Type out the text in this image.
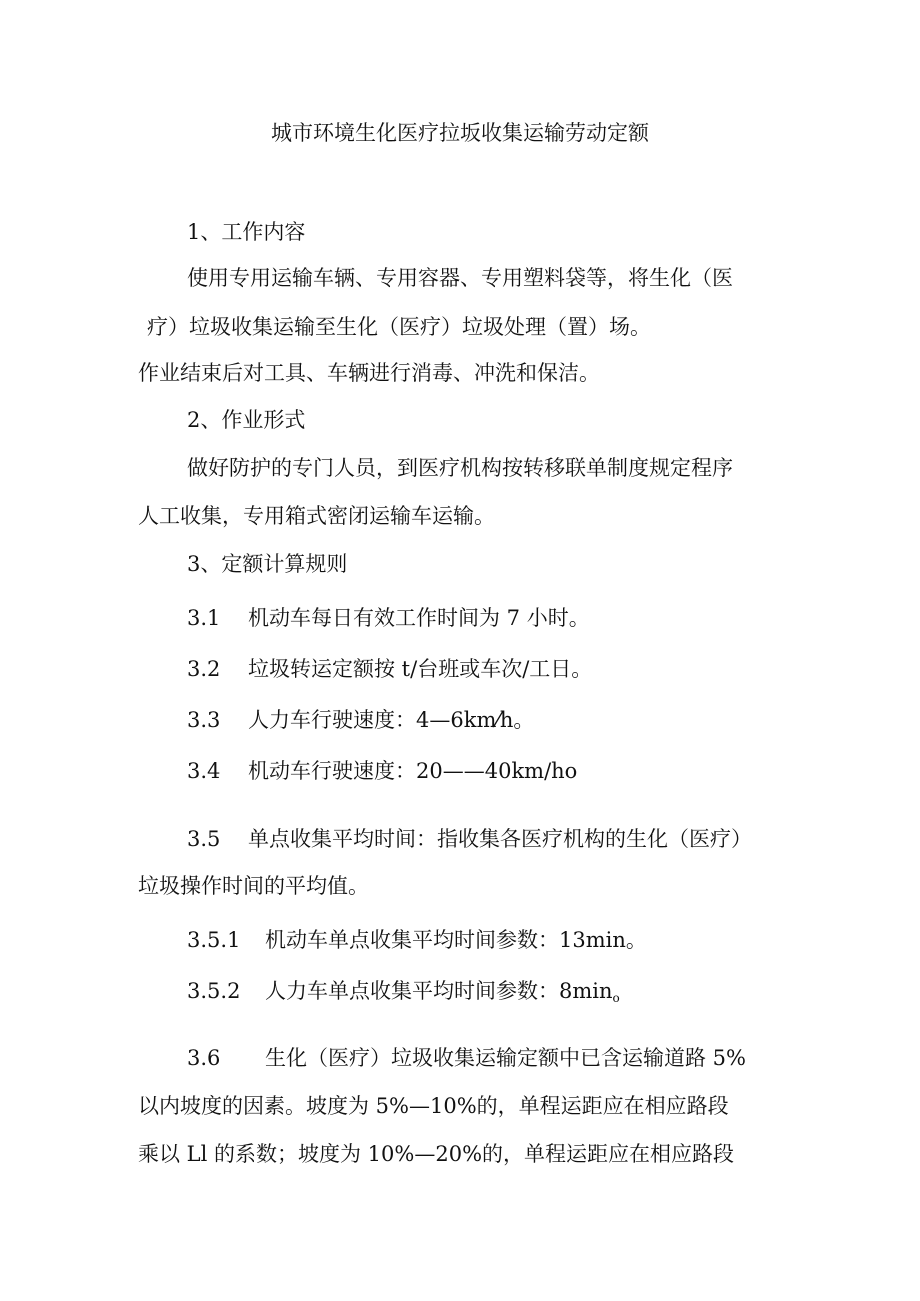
城市环境生化医疗拉坂收集运输劳动定额
1、工作内容
使用专用运输车辆、专用容器、专用塑料袋等，将生化（医
疗）垃圾收集运输至生化（医疗）垃圾处理（置）场。
作业结束后对工具、车辆进行消毒、冲洗和保洁。
2、作业形式
做好防护的专门人员，到医疗机构按转移联单制度规定程序
人工收集，专用箱式密闭运输车运输。
3、定额计算规则
3.1 机动车每日有效工作时间为 7 小时。
3.2 垃圾转运定额按 t/台班或车次/工日。
3.3 人力车行驶速度：4—6km⁄h。
3.4 机动车行驶速度：20——40km/ho
3.5 单点收集平均时间：指收集各医疗机构的生化（医疗）
垃圾操作时间的平均值。
3.5.1 机动车单点收集平均时间参数：13min。
3.5.2 人力车单点收集平均时间参数：$8\min_o$
3.6 生化（医疗）垃圾收集运输定额中已含运输道路 5%
以内坡度的因素。坡度为 5%—10%的，单程运距应在相应路段
乘以 Ll 的系数；坡度为 10%—20%的，单程运距应在相应路段
